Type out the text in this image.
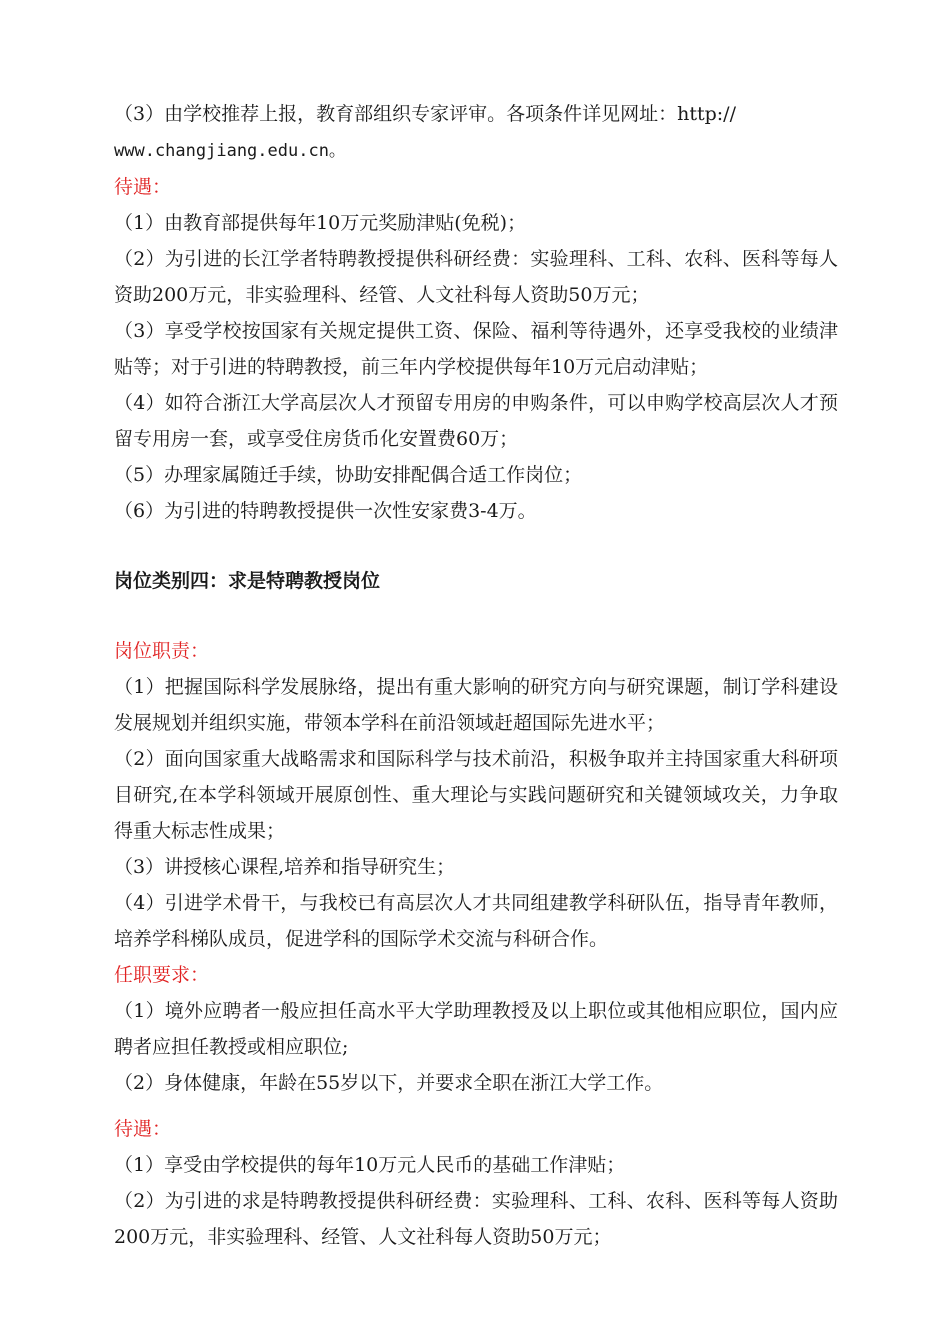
（3）由学校推荐上报，教育部组织专家评审。各项条件详见网址：http://
www.changjiang.edu.cn。

待遇：

（1）由教育部提供每年10万元奖励津贴(免税)；

（2）为引进的长江学者特聘教授提供科研经费：实验理科、工科、农科、医科等每人资助200万元，非实验理科、经管、人文社科每人资助50万元；

（3）享受学校按国家有关规定提供工资、保险、福利等待遇外，还享受我校的业绩津贴等；对于引进的特聘教授，前三年内学校提供每年10万元启动津贴；

（4）如符合浙江大学高层次人才预留专用房的申购条件，可以申购学校高层次人才预留专用房一套，或享受住房货币化安置费60万；

（5）办理家属随迁手续，协助安排配偶合适工作岗位；

（6）为引进的特聘教授提供一次性安家费3-4万。

岗位类别四：求是特聘教授岗位

岗位职责：

（1）把握国际科学发展脉络，提出有重大影响的研究方向与研究课题，制订学科建设发展规划并组织实施，带领本学科在前沿领域赶超国际先进水平；

（2）面向国家重大战略需求和国际科学与技术前沿，积极争取并主持国家重大科研项目研究,在本学科领域开展原创性、重大理论与实践问题研究和关键领域攻关，力争取得重大标志性成果；

（3）讲授核心课程,培养和指导研究生；

（4）引进学术骨干，与我校已有高层次人才共同组建教学科研队伍，指导青年教师，培养学科梯队成员，促进学科的国际学术交流与科研合作。

任职要求：

（1）境外应聘者一般应担任高水平大学助理教授及以上职位或其他相应职位，国内应聘者应担任教授或相应职位;

（2）身体健康，年龄在55岁以下，并要求全职在浙江大学工作。

待遇：

（1）享受由学校提供的每年10万元人民币的基础工作津贴；

（2）为引进的求是特聘教授提供科研经费：实验理科、工科、农科、医科等每人资助200万元，非实验理科、经管、人文社科每人资助50万元；
